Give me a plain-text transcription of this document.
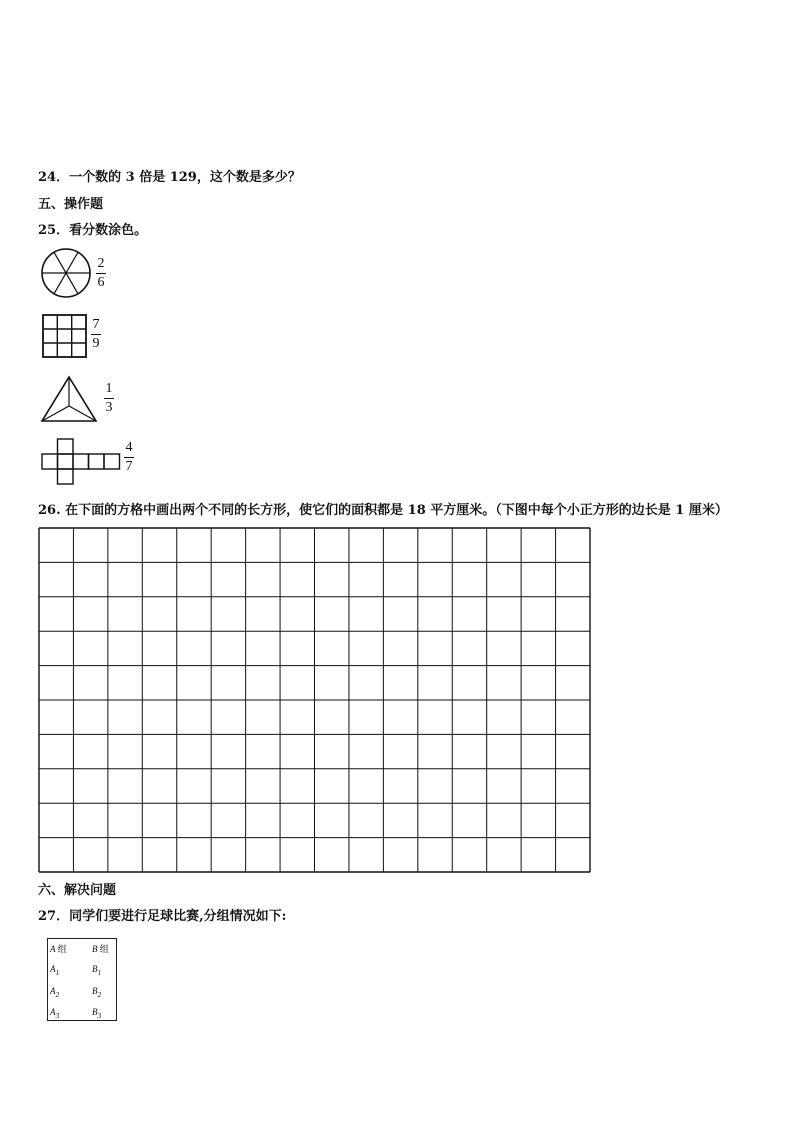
24．一个数的 3 倍是 129，这个数是多少？
五、操作题
25．看分数涂色。
2
6
7
9
1
3
4
7
26. 在下面的方格中画出两个不同的长方形，使它们的面积都是 18 平方厘米。（下图中每个小正方形的边长是 1 厘米）
六、解决问题
27．同学们要进行足球比赛,分组情况如下:
A 组	B 组
$A_1$	$B_1$
$A_2$	$B_2$
$A_3$	$B_3$
